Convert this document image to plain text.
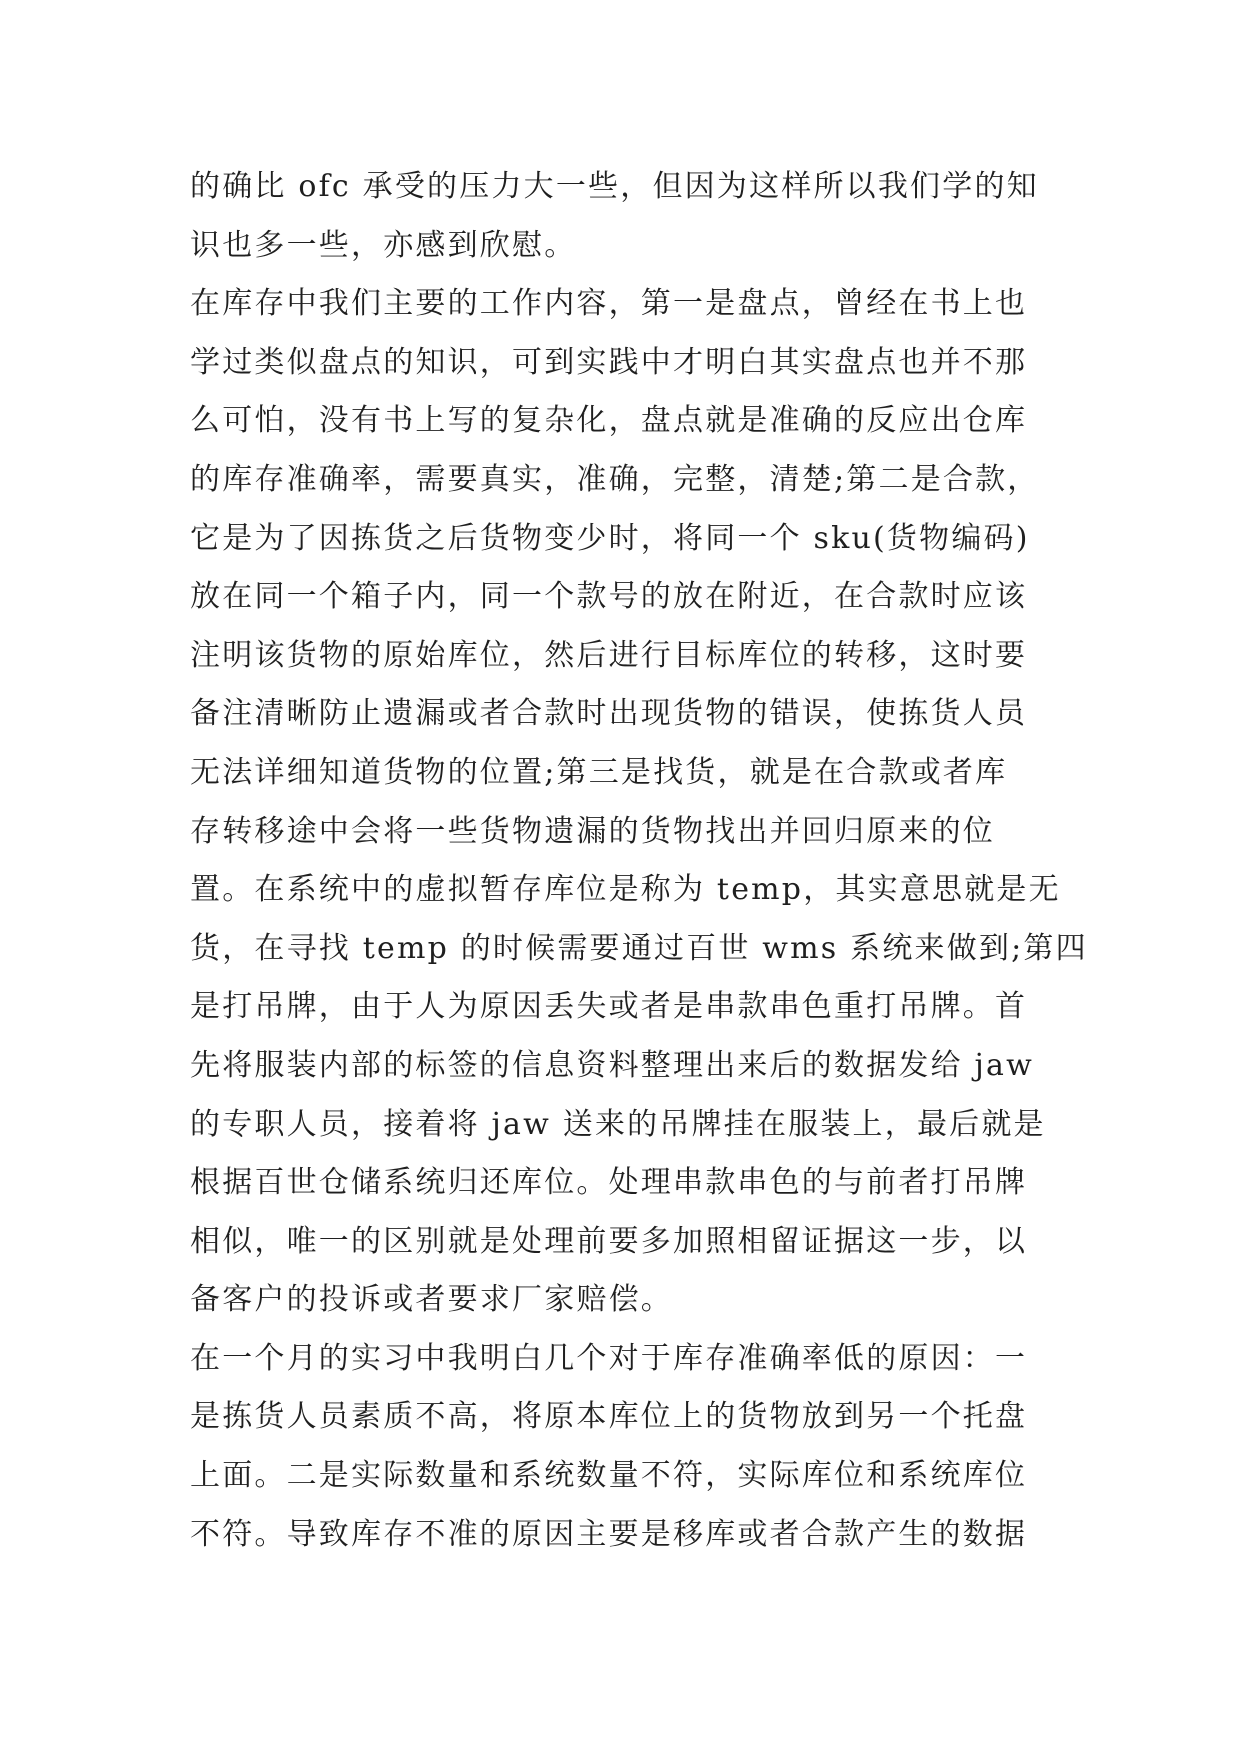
的确比 ofc 承受的压力大一些，但因为这样所以我们学的知
识也多一些，亦感到欣慰。
在库存中我们主要的工作内容，第一是盘点，曾经在书上也
学过类似盘点的知识，可到实践中才明白其实盘点也并不那
么可怕，没有书上写的复杂化，盘点就是准确的反应出仓库
的库存准确率，需要真实，准确，完整，清楚;第二是合款，
它是为了因拣货之后货物变少时，将同一个 sku(货物编码)
放在同一个箱子内，同一个款号的放在附近，在合款时应该
注明该货物的原始库位，然后进行目标库位的转移，这时要
备注清晰防止遗漏或者合款时出现货物的错误，使拣货人员
无法详细知道货物的位置;第三是找货，就是在合款或者库
存转移途中会将一些货物遗漏的货物找出并回归原来的位
置。在系统中的虚拟暂存库位是称为 temp，其实意思就是无
货，在寻找 temp 的时候需要通过百世 wms 系统来做到;第四
是打吊牌，由于人为原因丢失或者是串款串色重打吊牌。首
先将服装内部的标签的信息资料整理出来后的数据发给 jaw
的专职人员，接着将 jaw 送来的吊牌挂在服装上，最后就是
根据百世仓储系统归还库位。处理串款串色的与前者打吊牌
相似，唯一的区别就是处理前要多加照相留证据这一步，以
备客户的投诉或者要求厂家赔偿。
在一个月的实习中我明白几个对于库存准确率低的原因：一
是拣货人员素质不高，将原本库位上的货物放到另一个托盘
上面。二是实际数量和系统数量不符，实际库位和系统库位
不符。导致库存不准的原因主要是移库或者合款产生的数据
